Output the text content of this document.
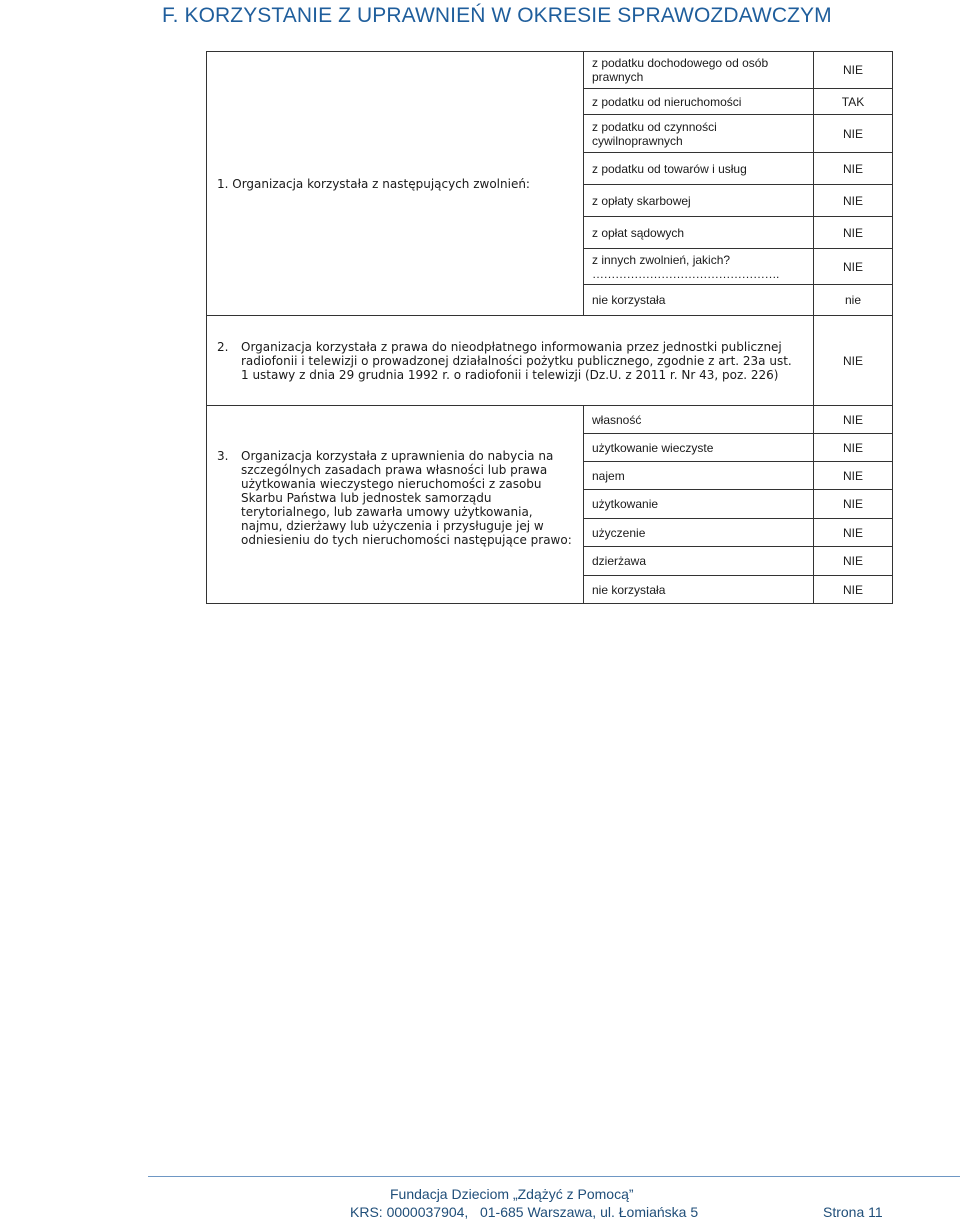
F. KORZYSTANIE Z UPRAWNIEŃ W OKRESIE SPRAWOZDAWCZYM
1. Organizacja korzystała z następujących zwolnień:	z podatku dochodowego od osób prawnych	NIE
	z podatku od nieruchomości	TAK
	z podatku od czynności cywilnoprawnych	NIE
	z podatku od towarów i usług	NIE
	z opłaty skarbowej	NIE
	z opłat sądowych	NIE

	z innych zwolnień, jakich?
………………………………………….	NIE
	nie korzystała	nie
2. Organizacja korzystała z prawa do nieodpłatnego informowania przez jednostki publicznej radiofonii i telewizji o prowadzonej działalności pożytku publicznego, zgodnie z art. 23a ust. 1 ustawy z dnia 29 grudnia 1992 r. o radiofonii i telewizji (Dz.U. z 2011 r. Nr 43, poz. 226)		NIE
3. Organizacja korzystała z uprawnienia do nabycia na szczególnych zasadach prawa własności lub prawa użytkowania wieczystego nieruchomości z zasobu Skarbu Państwa lub jednostek samorządu terytorialnego, lub zawarła umowy użytkowania, najmu, dzierżawy lub użyczenia i przysługuje jej w odniesieniu do tych nieruchomości następujące prawo:	własność	NIE
	użytkowanie wieczyste	NIE
	najem	NIE
	użytkowanie	NIE
	użyczenie	NIE
	dzierżawa	NIE
	nie korzystała	NIE
Fundacja Dzieciom „Zdążyć z Pomocą”
KRS: 0000037904,   01-685 Warszawa, ul. Łomiańska 5	Strona 11
